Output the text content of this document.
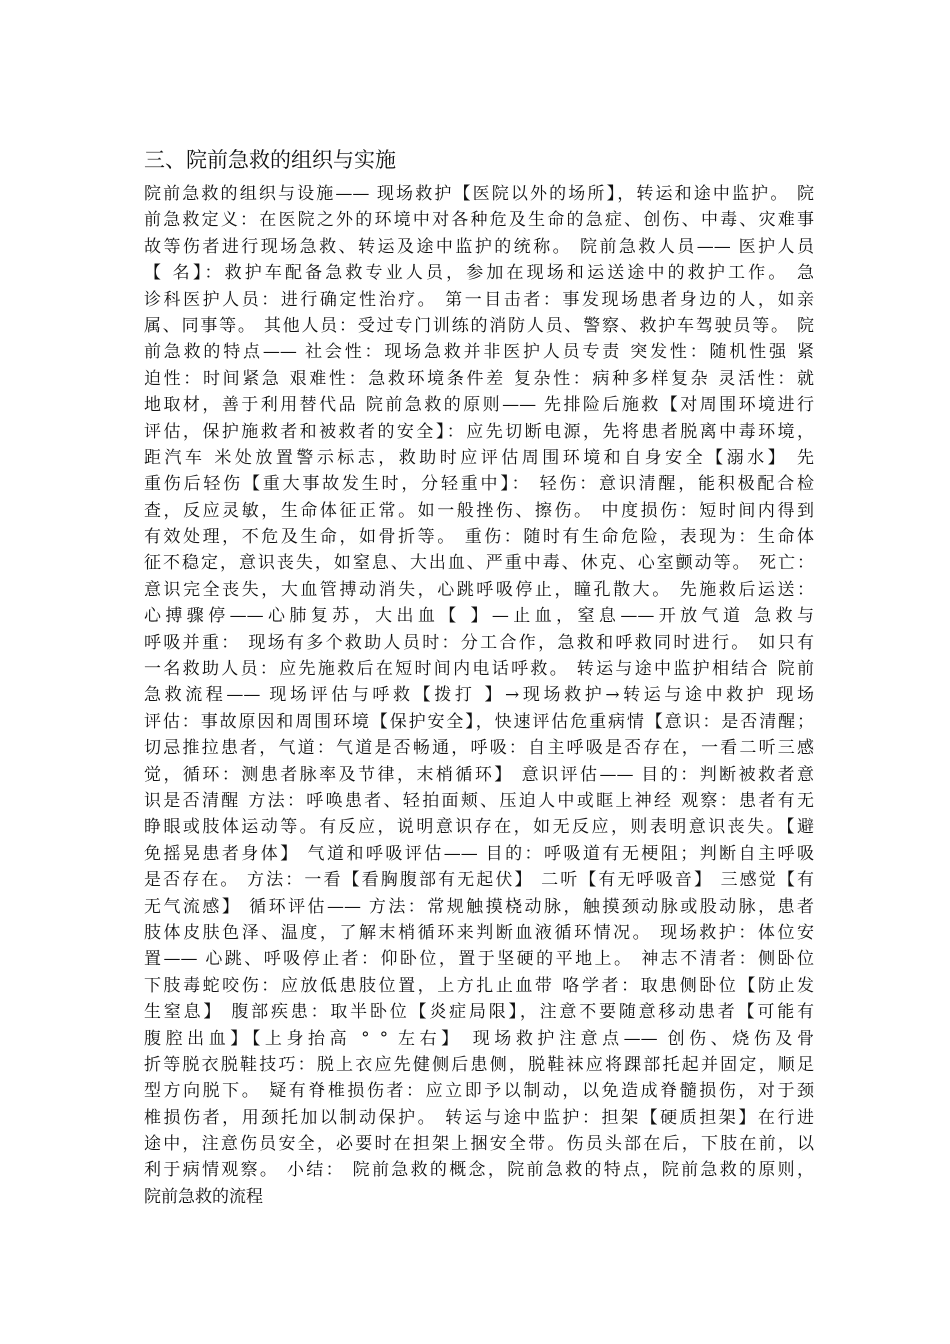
三、院前急救的组织与实施
院前急救的组织与设施—— 现场救护【医院以外的场所】，转运和途中监护。 院
前急救定义：在医院之外的环境中对各种危及生命的急症、创伤、中毒、灾难事
故等伤者进行现场急救、转运及途中监护的统称。 院前急救人员—— 医护人员
【 名】：救护车配备急救专业人员，参加在现场和运送途中的救护工作。 急
诊科医护人员：进行确定性治疗。 第一目击者：事发现场患者身边的人，如亲
属、同事等。 其他人员：受过专门训练的消防人员、警察、救护车驾驶员等。 院
前急救的特点—— 社会性：现场急救并非医护人员专责 突发性：随机性强 紧
迫性：时间紧急 艰难性：急救环境条件差 复杂性：病种多样复杂 灵活性：就
地取材，善于利用替代品 院前急救的原则—— 先排险后施救【对周围环境进行
评估，保护施救者和被救者的安全】：应先切断电源，先将患者脱离中毒环境，
距汽车 米处放置警示标志，救助时应评估周围环境和自身安全【溺水】 先
重伤后轻伤【重大事故发生时，分轻重中】： 轻伤：意识清醒，能积极配合检
查，反应灵敏，生命体征正常。如一般挫伤、擦伤。 中度损伤：短时间内得到
有效处理，不危及生命，如骨折等。 重伤：随时有生命危险，表现为：生命体
征不稳定，意识丧失，如窒息、大出血、严重中毒、休克、心室颤动等。 死亡：
意识完全丧失，大血管搏动消失，心跳呼吸停止，瞳孔散大。 先施救后运送：
心搏骤停——心肺复苏，大出血【 】—止血，窒息——开放气道 急救与
呼吸并重： 现场有多个救助人员时：分工合作，急救和呼救同时进行。 如只有
一名救助人员：应先施救后在短时间内电话呼救。 转运与途中监护相结合 院前
急救流程—— 现场评估与呼救【拨打 】→现场救护→转运与途中救护 现场
评估：事故原因和周围环境【保护安全】，快速评估危重病情【意识：是否清醒；
切忌推拉患者，气道：气道是否畅通，呼吸：自主呼吸是否存在，一看二听三感
觉，循环：测患者脉率及节律，末梢循环】 意识评估—— 目的：判断被救者意
识是否清醒 方法：呼唤患者、轻拍面颊、压迫人中或眶上神经 观察：患者有无
睁眼或肢体运动等。有反应，说明意识存在，如无反应，则表明意识丧失。【避
免摇晃患者身体】 气道和呼吸评估—— 目的：呼吸道有无梗阻；判断自主呼吸
是否存在。 方法：一看【看胸腹部有无起伏】 二听【有无呼吸音】 三感觉【有
无气流感】 循环评估—— 方法：常规触摸桡动脉，触摸颈动脉或股动脉，患者
肢体皮肤色泽、温度，了解末梢循环来判断血液循环情况。 现场救护：体位安
置—— 心跳、呼吸停止者：仰卧位，置于坚硬的平地上。 神志不清者：侧卧位
下肢毒蛇咬伤：应放低患肢位置，上方扎止血带 咯学者：取患侧卧位【防止发
生窒息】 腹部疾患：取半卧位【炎症局限】，注意不要随意移动患者【可能有
腹腔出血】【上身抬高 ° ° 左右】 现场救护注意点—— 创伤、烧伤及骨
折等脱衣脱鞋技巧：脱上衣应先健侧后患侧，脱鞋袜应将踝部托起并固定，顺足
型方向脱下。 疑有脊椎损伤者：应立即予以制动，以免造成脊髓损伤，对于颈
椎损伤者，用颈托加以制动保护。 转运与途中监护：担架【硬质担架】在行进
途中，注意伤员安全，必要时在担架上捆安全带。伤员头部在后，下肢在前，以
利于病情观察。 小结： 院前急救的概念，院前急救的特点，院前急救的原则，
院前急救的流程
